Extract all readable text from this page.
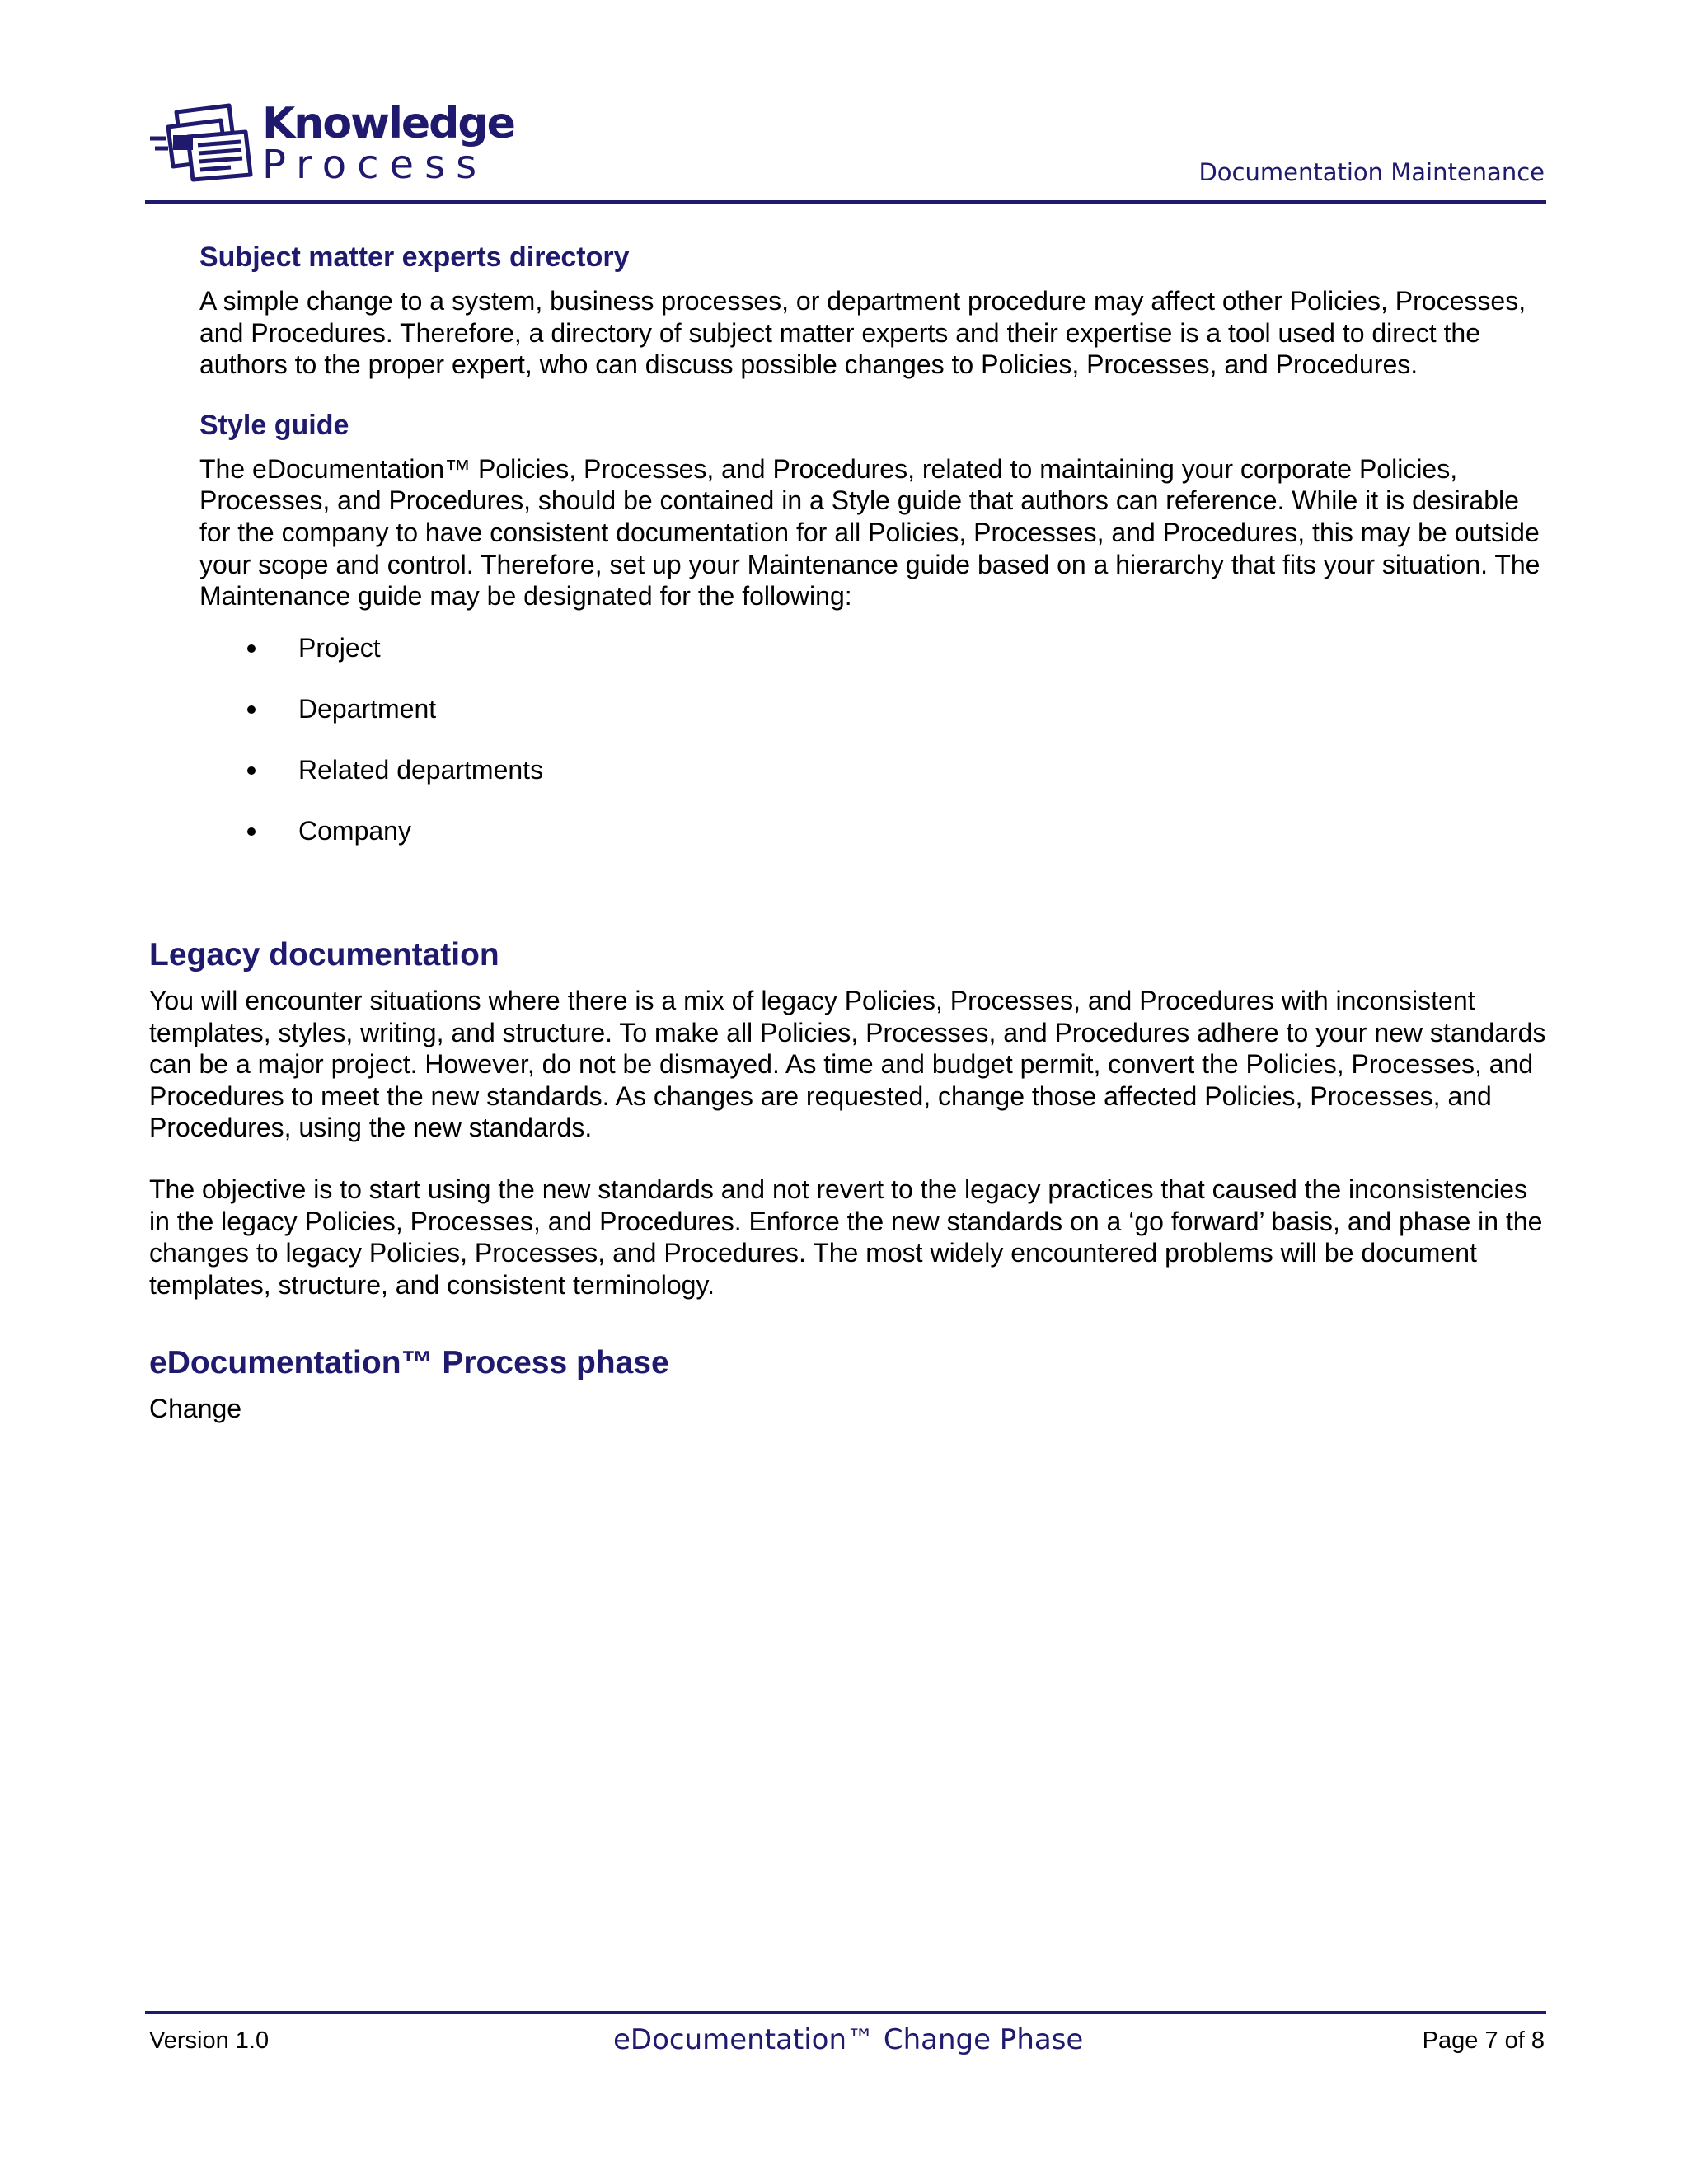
Knowledge
Process	Documentation Maintenance
Subject matter experts directory

A simple change to a system, business processes, or department procedure may affect other Policies, Processes, and Procedures. Therefore, a directory of subject matter experts and their expertise is a tool used to direct the authors to the proper expert, who can discuss possible changes to Policies, Processes, and Procedures.

Style guide

The eDocumentation™ Policies, Processes, and Procedures, related to maintaining your corporate Policies, Processes, and Procedures, should be contained in a Style guide that authors can reference. While it is desirable for the company to have consistent documentation for all Policies, Processes, and Procedures, this may be outside your scope and control. Therefore, set up your Maintenance guide based on a hierarchy that fits your situation. The Maintenance guide may be designated for the following:

Project
Department
Related departments
Company
Legacy documentation

You will encounter situations where there is a mix of legacy Policies, Processes, and Procedures with inconsistent templates, styles, writing, and structure. To make all Policies, Processes, and Procedures adhere to your new standards can be a major project. However, do not be dismayed. As time and budget permit, convert the Policies, Processes, and Procedures to meet the new standards. As changes are requested, change those affected Policies, Processes, and Procedures, using the new standards.

The objective is to start using the new standards and not revert to the legacy practices that caused the inconsistencies in the legacy Policies, Processes, and Procedures. Enforce the new standards on a ‘go forward’ basis, and phase in the changes to legacy Policies, Processes, and Procedures. The most widely encountered problems will be document templates, structure, and consistent terminology.

eDocumentation™ Process phase

Change

Version 1.0	eDocumentation™ Change Phase	Page 7 of 8
